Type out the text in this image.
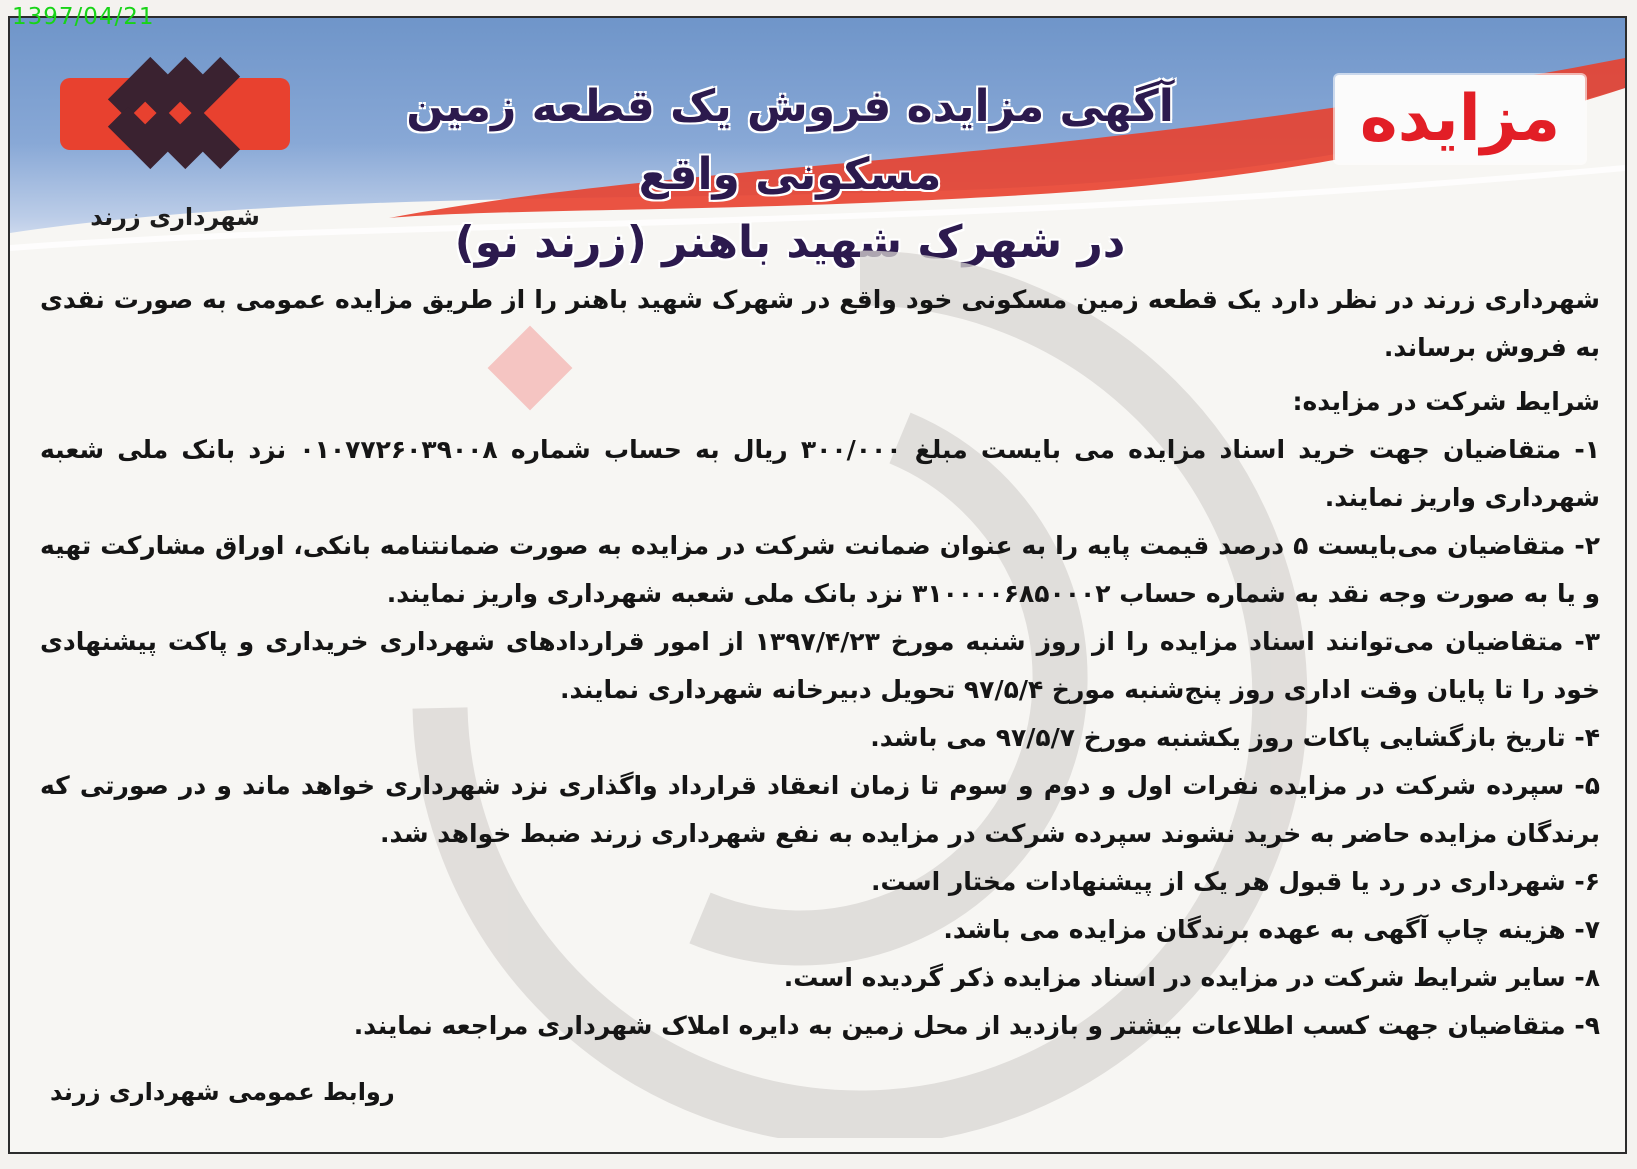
1397/04/21
شهرداری زرند
آگهی مزایده فروش یک قطعه زمین مسکونی واقع
در شهرک شهید باهنر (زرند نو)
مزایده

شهرداری زرند در نظر دارد یک قطعه زمین مسکونی خود واقع در شهرک شهید باهنر را از طریق مزایده عمومی به صورت نقدی به فروش برساند.

شرایط شرکت در مزایده:

۱- متقاضیان جهت خرید اسناد مزایده می بایست مبلغ ۳۰۰/۰۰۰ ریال به حساب شماره ۰۱۰۷۷۲۶۰۳۹۰۰۸ نزد بانک ملی شعبه شهرداری واریز نمایند.

۲- متقاضیان می‌بایست ۵ درصد قیمت پایه را به عنوان ضمانت شرکت در مزایده به صورت ضمانتنامه بانکی، اوراق مشارکت تهیه و یا به صورت وجه نقد به شماره حساب ۳۱۰۰۰۰۶۸۵۰۰۰۲ نزد بانک ملی شعبه شهرداری واریز نمایند.

۳- متقاضیان می‌توانند اسناد مزایده را از روز شنبه مورخ ۱۳۹۷/۴/۲۳ از امور قراردادهای شهرداری خریداری و پاکت پیشنهادی خود را تا پایان وقت اداری روز پنج‌شنبه مورخ ۹۷/۵/۴ تحویل دبیرخانه شهرداری نمایند.

۴- تاریخ بازگشایی پاکات روز یکشنبه مورخ ۹۷/۵/۷ می باشد.

۵- سپرده شرکت در مزایده نفرات اول و دوم و سوم تا زمان انعقاد قرارداد واگذاری نزد شهرداری خواهد ماند و در صورتی که برندگان مزایده حاضر به خرید نشوند سپرده شرکت در مزایده به نفع شهرداری زرند ضبط خواهد شد.

۶- شهرداری در رد یا قبول هر یک از پیشنهادات مختار است.

۷- هزینه چاپ آگهی به عهده برندگان مزایده می باشد.

۸- سایر شرایط شرکت در مزایده در اسناد مزایده ذکر گردیده است.

۹- متقاضیان جهت کسب اطلاعات بیشتر و بازدید از محل زمین به دایره املاک شهرداری مراجعه نمایند.

روابط عمومی شهرداری زرند
